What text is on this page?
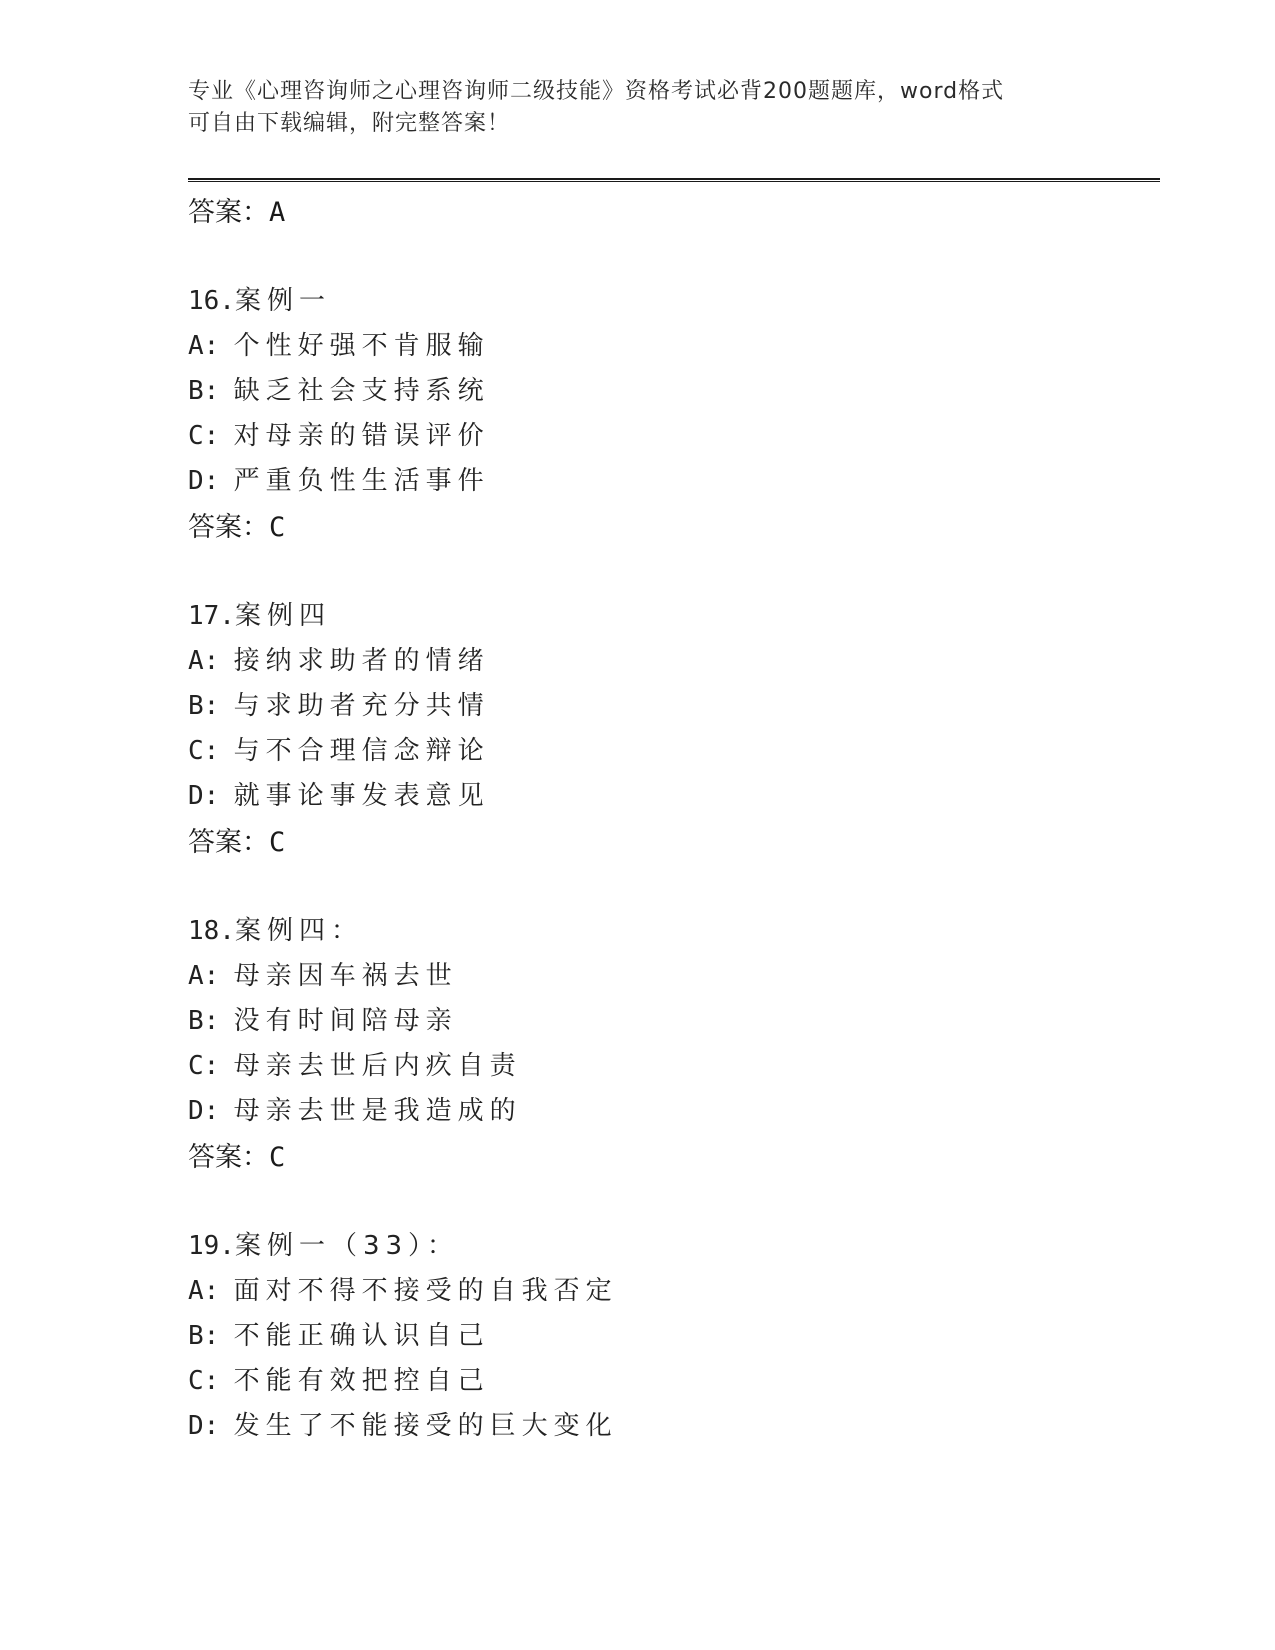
专业《心理咨询师之心理咨询师二级技能》资格考试必背200题题库，word格式
可自由下载编辑，附完整答案！
答案：A
16.案例一
A: 个性好强不肯服输
B: 缺乏社会支持系统
C: 对母亲的错误评价
D: 严重负性生活事件
答案：C
17.案例四
A: 接纳求助者的情绪
B: 与求助者充分共情
C: 与不合理信念辩论
D: 就事论事发表意见
答案：C
18.案例四：
A: 母亲因车祸去世
B: 没有时间陪母亲
C: 母亲去世后内疚自责
D: 母亲去世是我造成的
答案：C
19.案例一（33）：
A: 面对不得不接受的自我否定
B: 不能正确认识自己
C: 不能有效把控自己
D: 发生了不能接受的巨大变化
